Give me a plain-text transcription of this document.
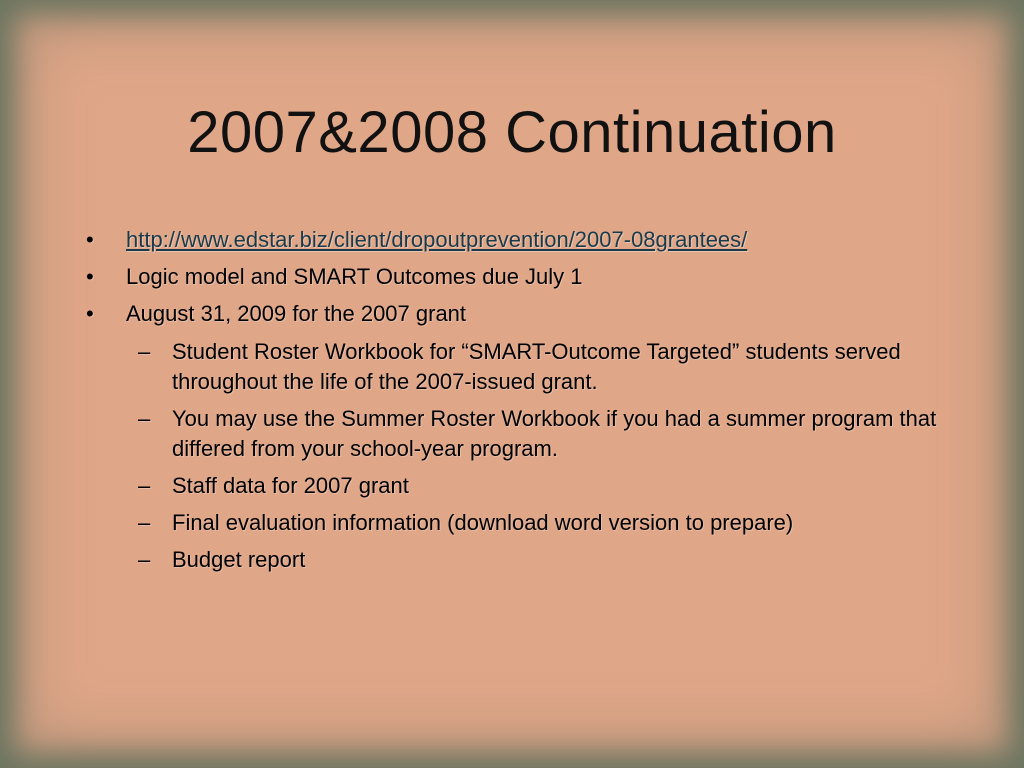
2007&2008 Continuation
•	http://www.edstar.biz/client/dropoutprevention/2007-08grantees/
•	Logic model and SMART Outcomes due July 1
•	August 31, 2009 for the 2007 grant
– Student Roster Workbook for “SMART-Outcome Targeted” students served throughout the life of the 2007-issued grant.
– You may use the Summer Roster Workbook if you had a summer program that differed from your school-year program.
– Staff data for 2007 grant
– Final evaluation information (download word version to prepare)
– Budget report
